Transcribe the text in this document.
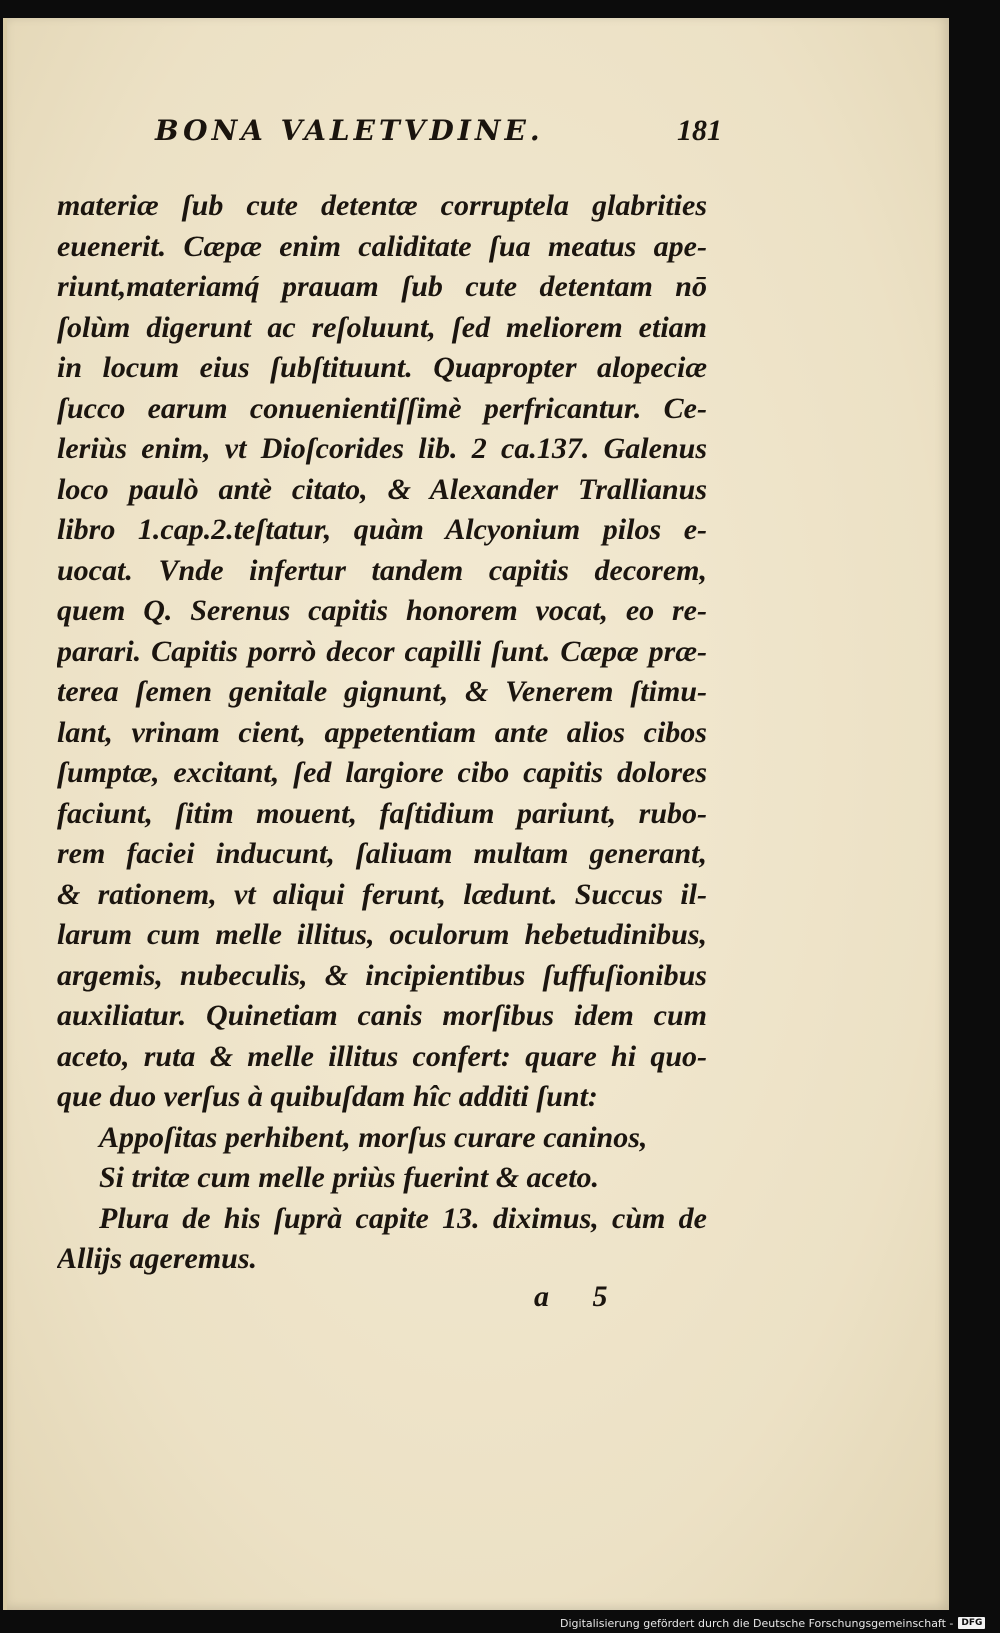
BONA VALETVDINE.	181
materiæ ſub cute detentæ corruptela glabrities
euenerit. Cæpæ enim caliditate ſua meatus ape-
riunt,materiamq́ prauam ſub cute detentam nō
ſolùm digerunt ac reſoluunt, ſed meliorem etiam
in locum eius ſubſtituunt. Quapropter alopeciæ
ſucco earum conuenientiſſimè perfricantur. Ce-
leriùs enim, vt Dioſcorides lib. 2 ca.137. Galenus
loco paulò antè citato, & Alexander Trallianus
libro 1.cap.2.teſtatur, quàm Alcyonium pilos e-
uocat. Vnde infertur tandem capitis decorem,
quem Q. Serenus capitis honorem vocat, eo re-
parari. Capitis porrò decor capilli ſunt. Cæpæ præ-
terea ſemen genitale gignunt, & Venerem ſtimu-
lant, vrinam cient, appetentiam ante alios cibos
ſumptæ, excitant, ſed largiore cibo capitis dolores
faciunt, ſitim mouent, faſtidium pariunt, rubo-
rem faciei inducunt, ſaliuam multam generant,
& rationem, vt aliqui ferunt, lædunt. Succus il-
larum cum melle illitus, oculorum hebetudinibus,
argemis, nubeculis, & incipientibus ſuffuſionibus
auxiliatur. Quinetiam canis morſibus idem cum
aceto, ruta & melle illitus confert: quare hi quo-
que duo verſus à quibuſdam hîc additi ſunt:
Appoſitas perhibent, morſus curare caninos,
Si tritæ cum melle priùs fuerint & aceto.
Plura de his ſuprà capite 13. diximus, cùm de
Allijs ageremus.
a 5
Digitalisierung gefördert durch die Deutsche Forschungsgemeinschaft - DFG
